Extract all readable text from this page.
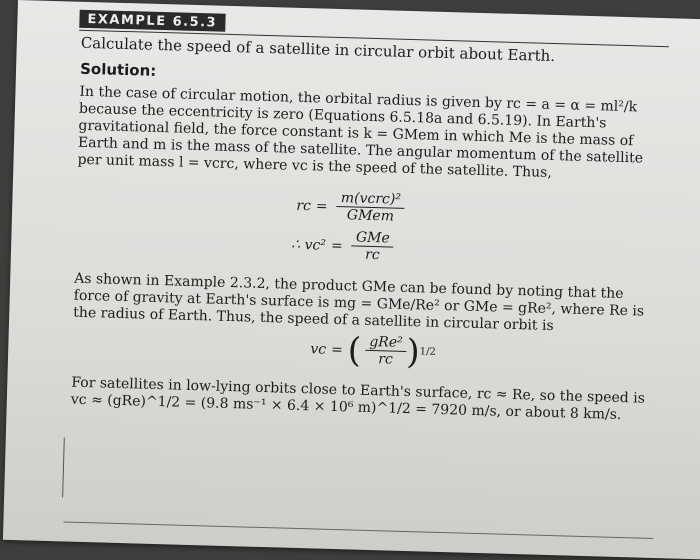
EXAMPLE 6.5.3
Calculate the speed of a satellite in circular orbit about Earth.
Solution:

In the case of circular motion, the orbital radius is given by rc = a = α = ml²/k because the eccentricity is zero (Equations 6.5.18a and 6.5.19). In Earth's gravitational field, the force constant is k = GMem in which Me is the mass of Earth and m is the mass of the satellite. The angular momentum of the satellite per unit mass l = vcrc, where vc is the speed of the satellite. Thus,

rc = $\frac{\text{m(vcrc)²}}{\text{GMem}}$
∴ $vc^2 = \frac{\text{GMe}}{rc}$

As shown in Example 2.3.2, the product GMe can be found by noting that the force of gravity at Earth's surface is mg = GMe/Re² or GMe = gRe², where Re is the radius of Earth. Thus, the speed of a satellite in circular orbit is

vc = ( $\frac{\text{gRe²}}{rc}$
) 1/2

For satellites in low-lying orbits close to Earth's surface, rc ≈ Re, so the speed is vc ≈ (gRe)^1/2 = (9.8 ms⁻¹ × 6.4 × 10⁶ m)^1/2 = 7920 m/s, or about 8 km/s.
